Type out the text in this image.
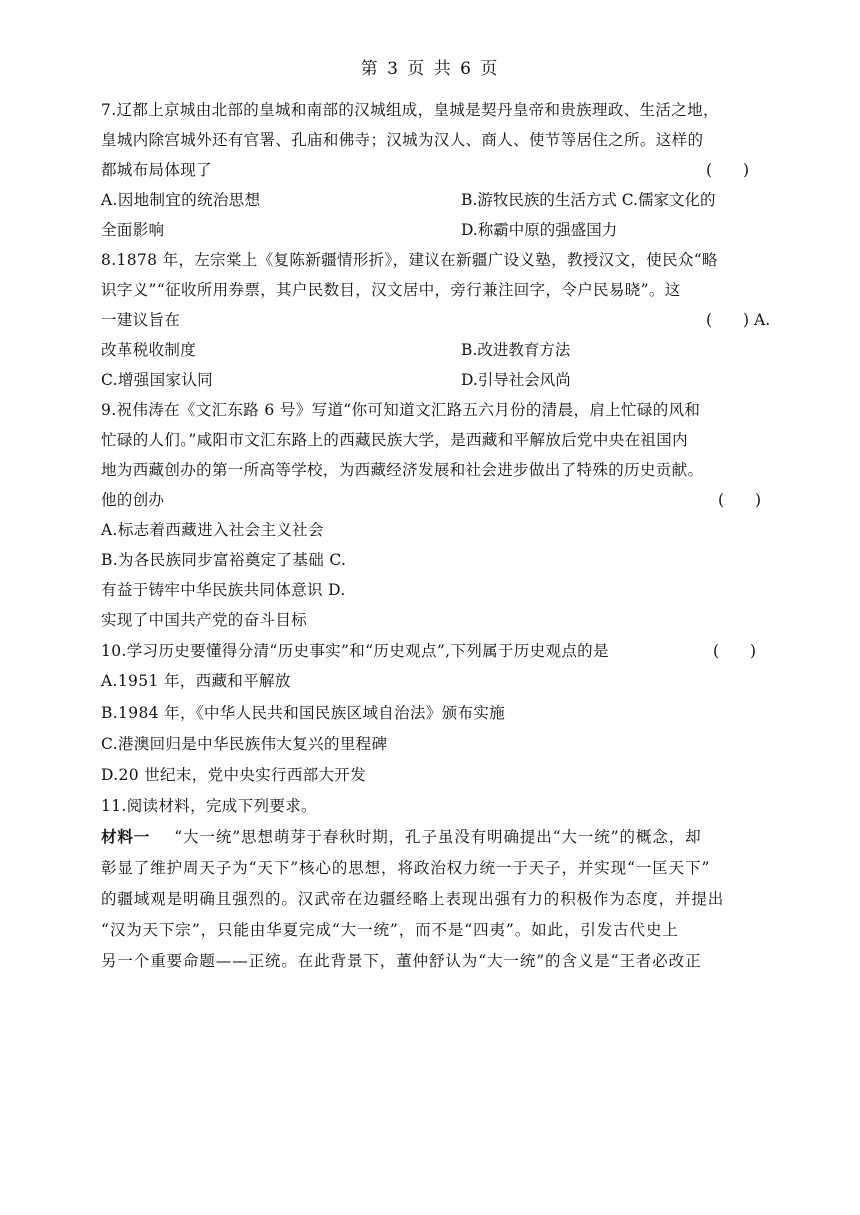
第 3 页 共 6 页
7.辽都上京城由北部的皇城和南部的汉城组成，皇城是契丹皇帝和贵族理政、生活之地，
皇城内除宫城外还有官署、孔庙和佛寺；汉城为汉人、商人、使节等居住之所。这样的
都城布局体现了	(　　)
A.因地制宜的统治思想	B.游牧民族的生活方式 C.儒家文化的
全面影响	D.称霸中原的强盛国力
8.1878 年，左宗棠上《复陈新疆情形折》，建议在新疆广设义塾，教授汉文，使民众“略
识字义”“征收所用券票，其户民数目，汉文居中，旁行兼注回字，令户民易晓”。这
一建议旨在	(　　) A.
改革税收制度	B.改进教育方法
C.增强国家认同	D.引导社会风尚
9.祝伟涛在《文汇东路 6 号》写道“你可知道文汇路五六月份的清晨，肩上忙碌的风和
忙碌的人们。”咸阳市文汇东路上的西藏民族大学，是西藏和平解放后党中央在祖国内
地为西藏创办的第一所高等学校，为西藏经济发展和社会进步做出了特殊的历史贡献。
他的创办	(　　)
A.标志着西藏进入社会主义社会
B.为各民族同步富裕奠定了基础 C.
有益于铸牢中华民族共同体意识 D.
实现了中国共产党的奋斗目标
10.学习历史要懂得分清“历史事实”和“历史观点”,下列属于历史观点的是	(　　)
A.1951 年，西藏和平解放
B.1984 年，《中华人民共和国民族区域自治法》颁布实施
C.港澳回归是中华民族伟大复兴的里程碑
D.20 世纪末，党中央实行西部大开发
11.阅读材料，完成下列要求。
材料一 “大一统”思想萌芽于春秋时期，孔子虽没有明确提出“大一统”的概念，却
彰显了维护周天子为“天下”核心的思想，将政治权力统一于天子，并实现“一匡天下”
的疆域观是明确且强烈的。汉武帝在边疆经略上表现出强有力的积极作为态度，并提出
“汉为天下宗”，只能由华夏完成“大一统”，而不是“四夷”。如此，引发古代史上
另一个重要命题——正统。在此背景下，董仲舒认为“大一统”的含义是“王者必改正
